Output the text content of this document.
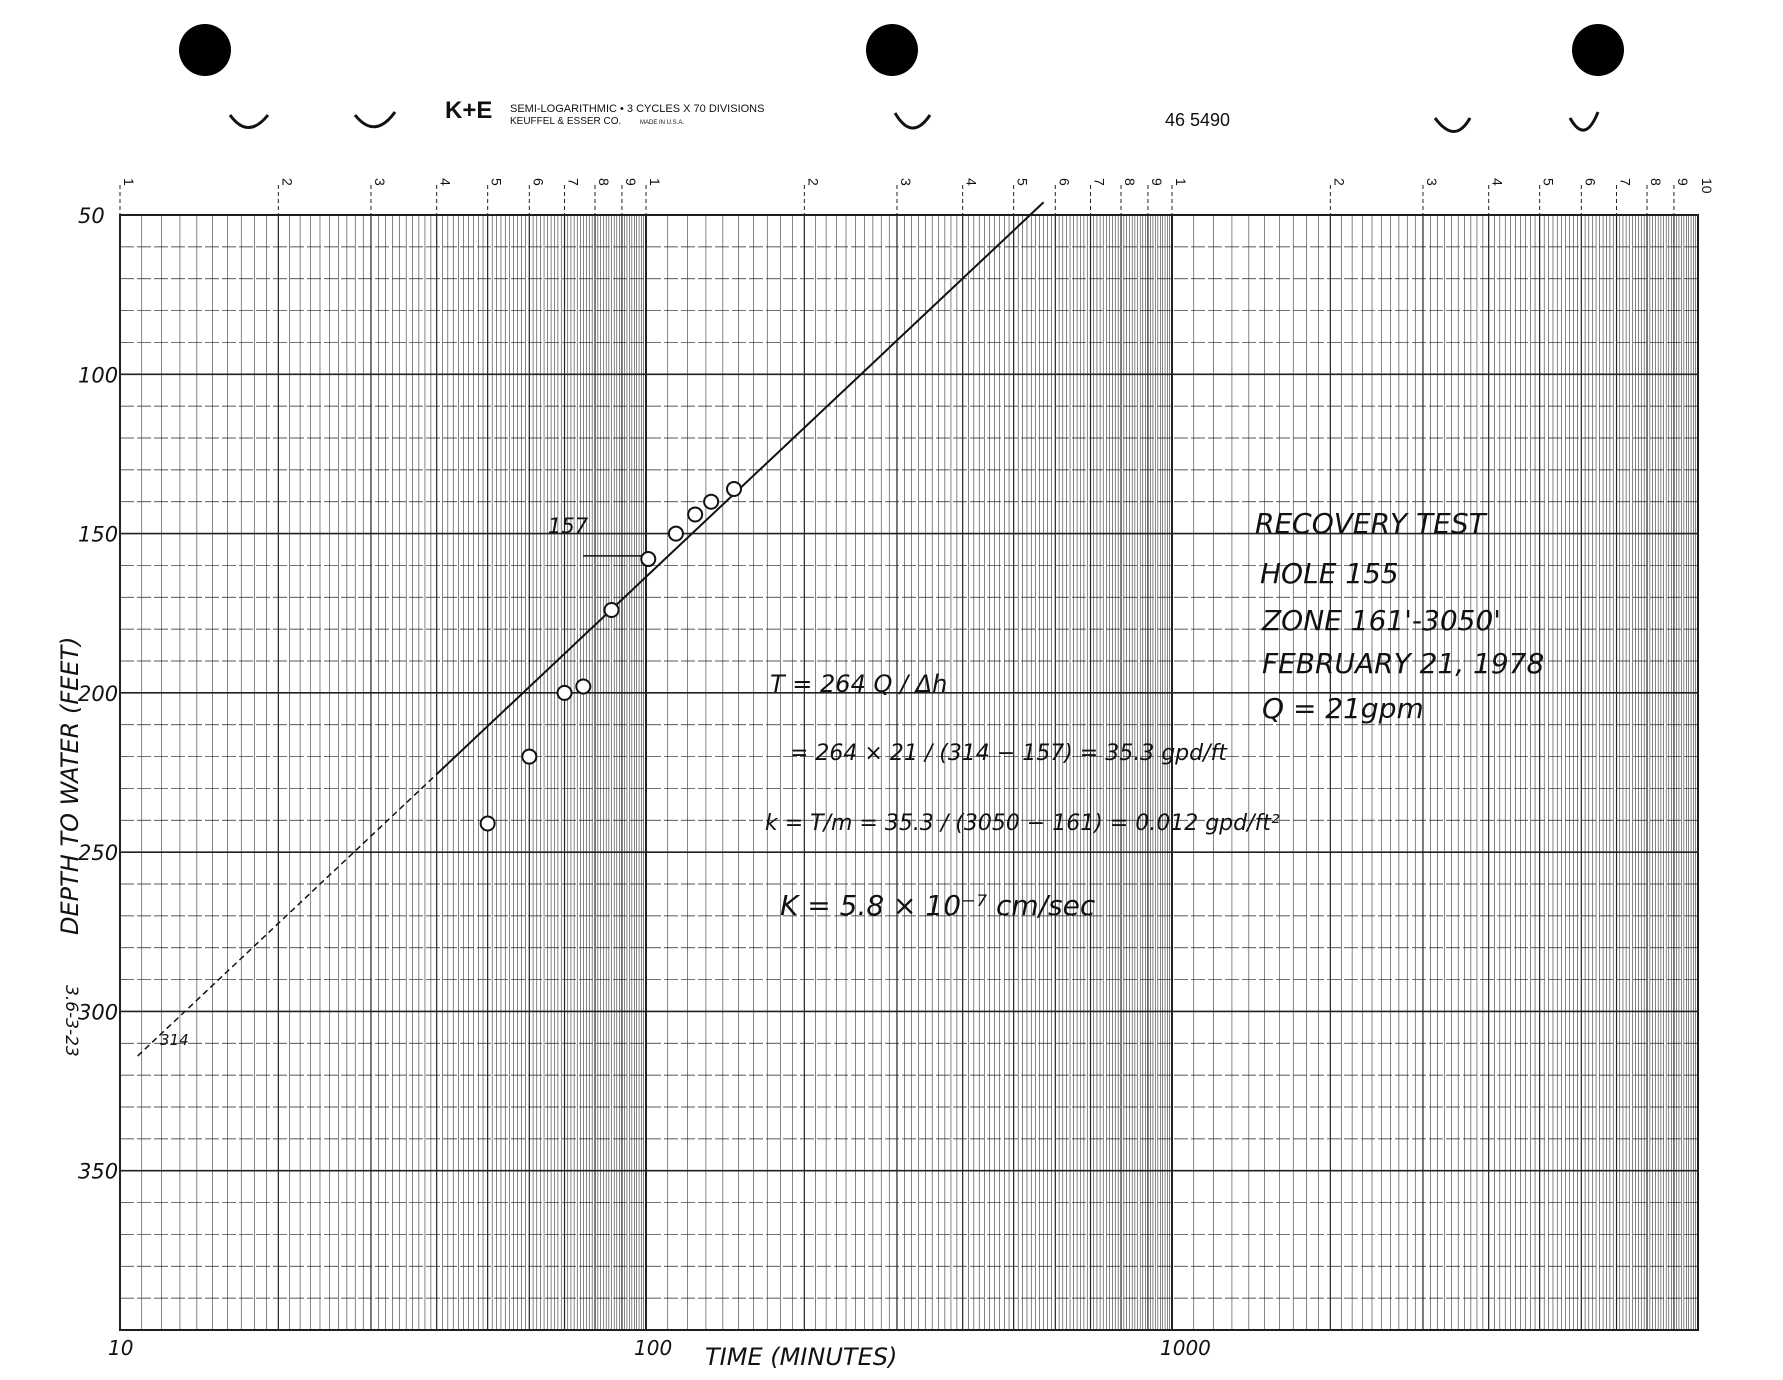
K+E SEMI-LOGARITHMIC • 3 CYCLES X 70 DIVISIONS
KEUFFEL & ESSER CO.	MADE IN U.S.A.	46 5490
1	2	3	4 5 6 7 8 9 1	2	3	4 5 6 7 8 9 1	2	3	4 5 6 7 8 9 10
10	100	1000
50
100
150
200
250
300
350
TIME (MINUTES)
DEPTH TO WATER (FEET)
157
314
3.6-3-23
RECOVERY TEST
HOLE 155
ZONE 161'-3050'
FEBRUARY 21, 1978
Q = 21gpm
T = 264 Q / Δh
= 264 × 21 / (314 − 157) = 35.3 gpd/ft
k = T/m = 35.3 / (3050 − 161) = 0.012 gpd/ft²
K = 5.8 × 10⁻⁷ cm/sec
